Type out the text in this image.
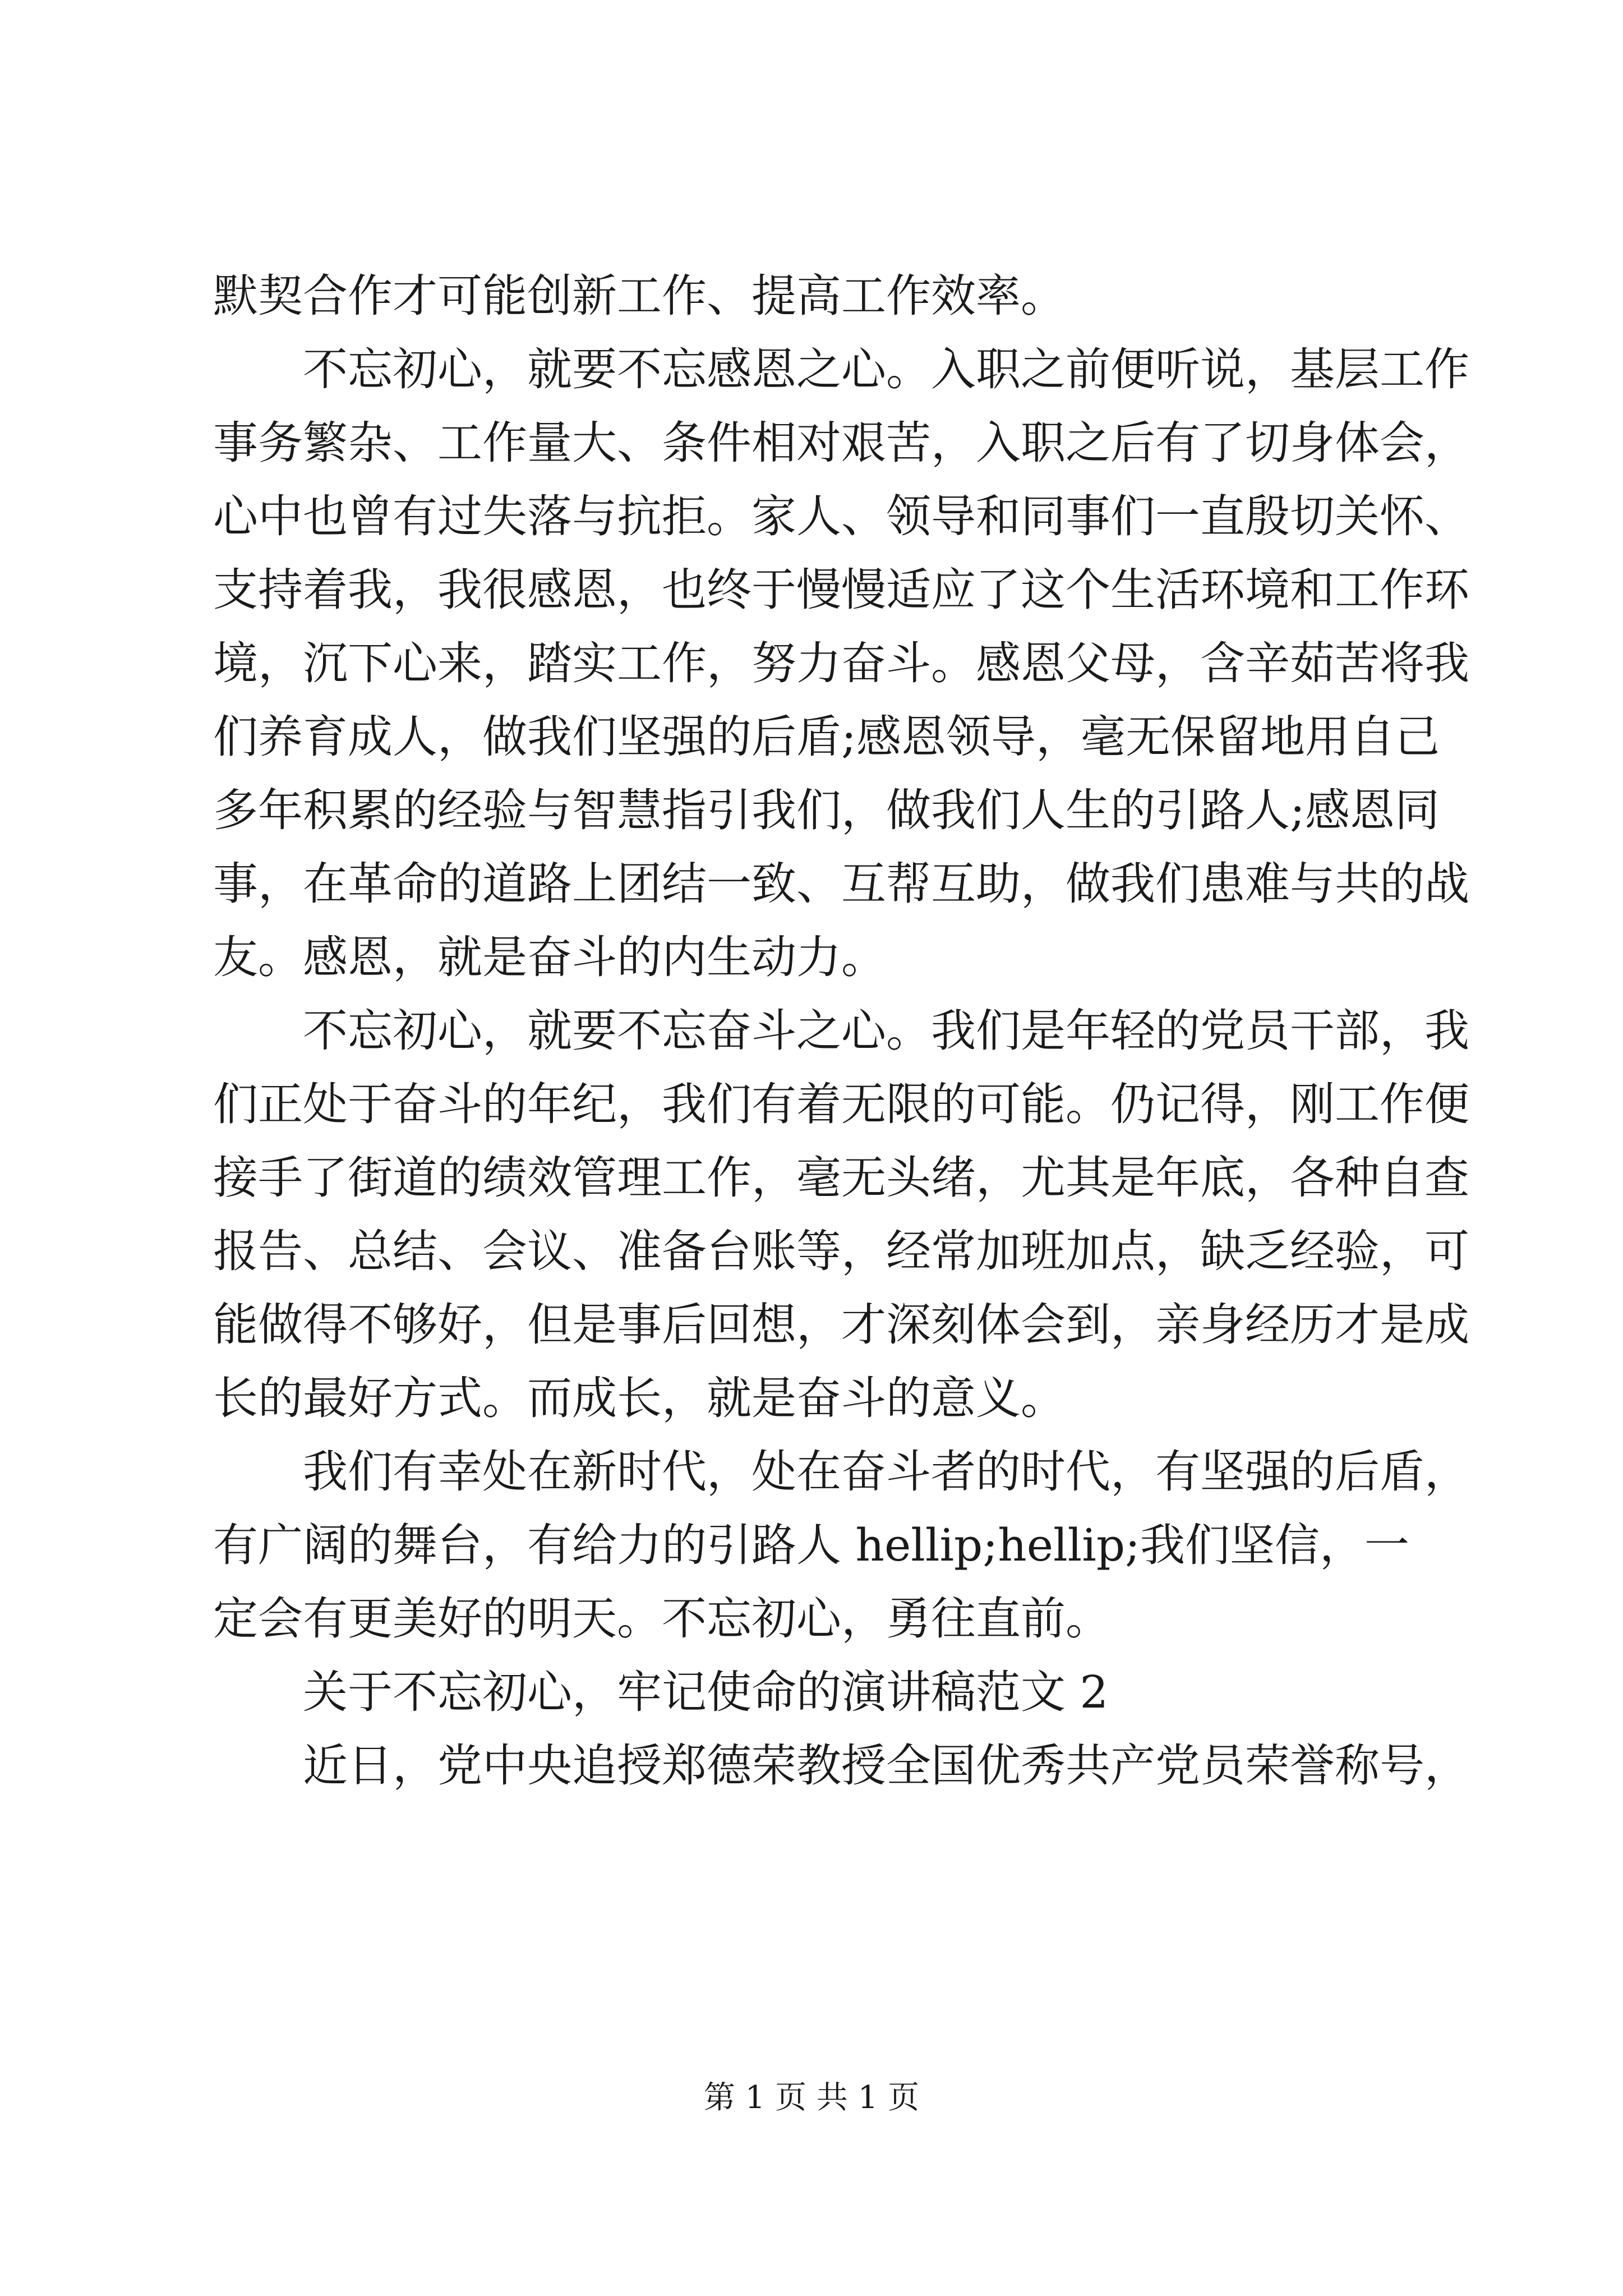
默契合作才可能创新工作、提高工作效率。
　　不忘初心，就要不忘感恩之心。入职之前便听说，基层工作
事务繁杂、工作量大、条件相对艰苦，入职之后有了切身体会，
心中也曾有过失落与抗拒。家人、领导和同事们一直殷切关怀、
支持着我，我很感恩，也终于慢慢适应了这个生活环境和工作环
境，沉下心来，踏实工作，努力奋斗。感恩父母，含辛茹苦将我
们养育成人，做我们坚强的后盾;感恩领导，毫无保留地用自己
多年积累的经验与智慧指引我们，做我们人生的引路人;感恩同
事，在革命的道路上团结一致、互帮互助，做我们患难与共的战
友。感恩，就是奋斗的内生动力。
　　不忘初心，就要不忘奋斗之心。我们是年轻的党员干部，我
们正处于奋斗的年纪，我们有着无限的可能。仍记得，刚工作便
接手了街道的绩效管理工作，毫无头绪，尤其是年底，各种自查
报告、总结、会议、准备台账等，经常加班加点，缺乏经验，可
能做得不够好，但是事后回想，才深刻体会到，亲身经历才是成
长的最好方式。而成长，就是奋斗的意义。
　　我们有幸处在新时代，处在奋斗者的时代，有坚强的后盾，
有广阔的舞台，有给力的引路人 hellip;hellip;我们坚信，一
定会有更美好的明天。不忘初心，勇往直前。
　　关于不忘初心，牢记使命的演讲稿范文 2
　　近日，党中央追授郑德荣教授全国优秀共产党员荣誉称号，
第 1 页 共 1 页
